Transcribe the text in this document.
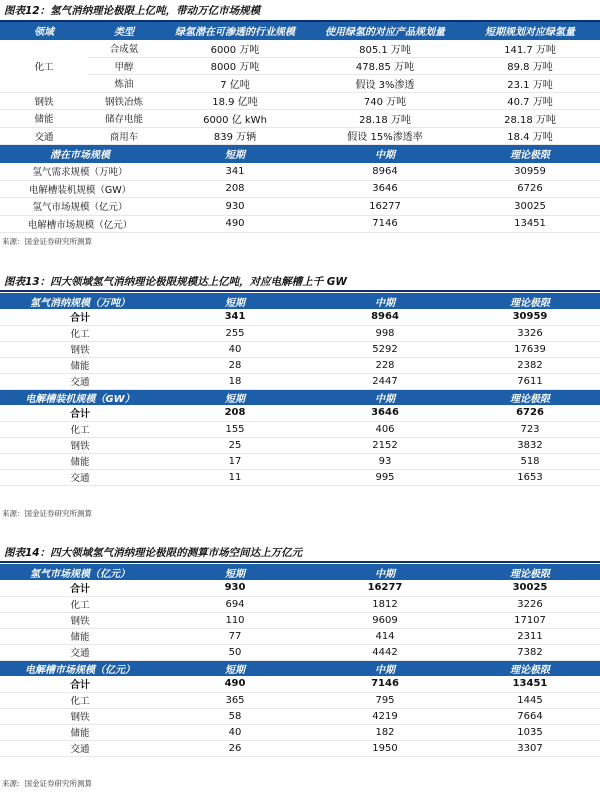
图表12：氢气消纳理论极限上亿吨，带动万亿市场规模
领域	类型	绿氢潜在可渗透的行业规模	使用绿氢的对应产品规划量	短期规划对应绿氢量
化工	合成氨	6000 万吨	805.1 万吨	141.7 万吨
	甲醇	8000 万吨	478.85 万吨	89.8 万吨
	炼油	7 亿吨	假设 3%渗透	23.1 万吨
钢铁	钢铁冶炼	18.9 亿吨	740 万吨	40.7 万吨
储能	储存电能	6000 亿 kWh	28.18 万吨	28.18 万吨
交通	商用车	839 万辆	假设 15%渗透率	18.4 万吨
潜在市场规模	短期	中期	理论极限
氢气需求规模（万吨）	341	8964	30959
电解槽装机规模（GW）	208	3646	6726
氢气市场规模（亿元）	930	16277	30025
电解槽市场规模（亿元）	490	7146	13451
来源：国金证券研究所测算
图表13：四大领域氢气消纳理论极限规模达上亿吨，对应电解槽上千 GW
氢气消纳规模（万吨）	短期	中期	理论极限
合计	341	8964	30959
化工	255	998	3326
钢铁	40	5292	17639
储能	28	228	2382
交通	18	2447	7611
电解槽装机规模（GW）	短期	中期	理论极限
合计	208	3646	6726
化工	155	406	723
钢铁	25	2152	3832
储能	17	93	518
交通	11	995	1653
来源：国金证券研究所测算
图表14：四大领域氢气消纳理论极限的测算市场空间达上万亿元
氢气市场规模（亿元）	短期	中期	理论极限
合计	930	16277	30025
化工	694	1812	3226
钢铁	110	9609	17107
储能	77	414	2311
交通	50	4442	7382
电解槽市场规模（亿元）	短期	中期	理论极限
合计	490	7146	13451
化工	365	795	1445
钢铁	58	4219	7664
储能	40	182	1035
交通	26	1950	3307
来源：国金证券研究所测算
